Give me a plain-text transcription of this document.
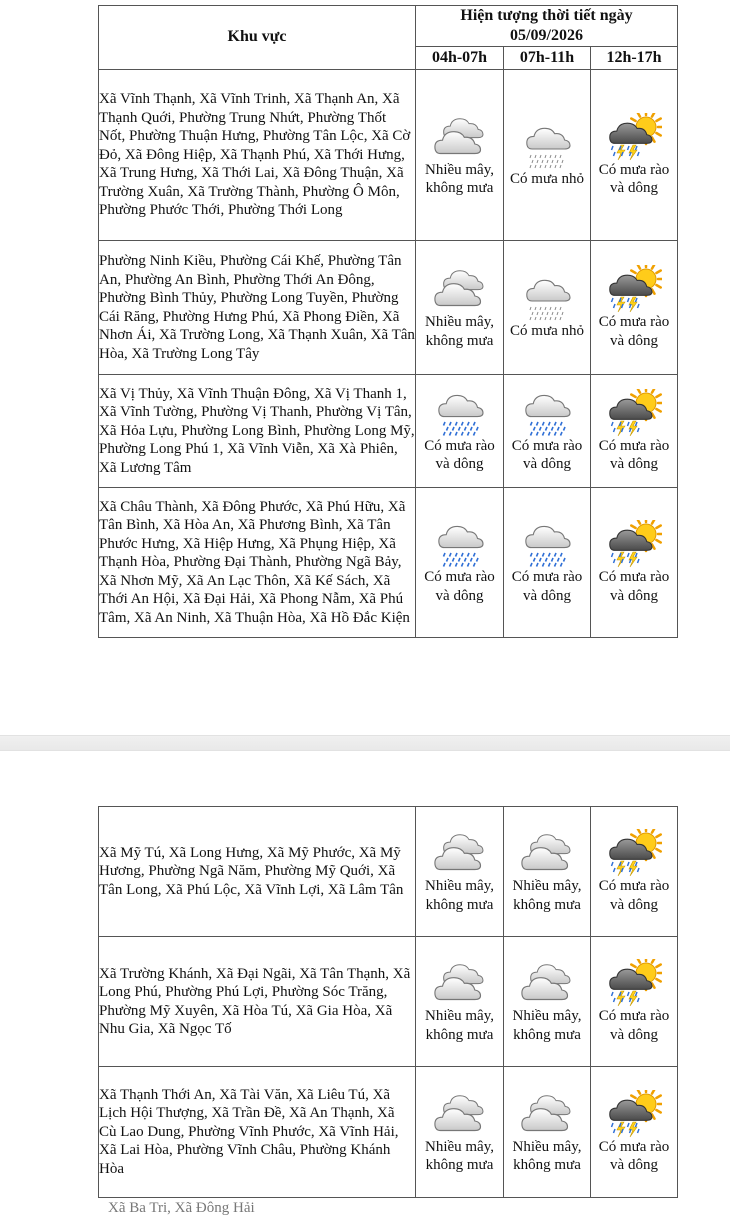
Khu vực	Hiện tượng thời tiết ngày
05/09/2026		
	04h-07h	07h-11h	12h-17h
Xã Vĩnh Thạnh, Xã Vĩnh Trinh, Xã Thạnh An, Xã Thạnh Quới, Phường Trung Nhứt, Phường Thốt Nốt, Phường Thuận Hưng, Phường Tân Lộc, Xã Cờ Đỏ, Xã Đông Hiệp, Xã Thạnh Phú, Xã Thới Hưng, Xã Trung Hưng, Xã Thới Lai, Xã Đông Thuận, Xã Trường Xuân, Xã Trường Thành, Phường Ô Môn, Phường Phước Thới, Phường Thới Long	Nhiều mây, không mưa	Có mưa nhỏ	Có mưa rào và dông

Phường Ninh Kiều, Phường Cái Khế, Phường Tân An, Phường An Bình, Phường Thới An Đông, Phường Bình Thủy, Phường Long Tuyền, Phường Cái Răng, Phường Hưng Phú, Xã Phong Điền, Xã Nhơn Ái, Xã Trường Long, Xã Thạnh Xuân, Xã Tân Hòa, Xã Trường Long Tây	Nhiều mây, không mưa	Có mưa nhỏ	Có mưa rào và dông

Xã Vị Thủy, Xã Vĩnh Thuận Đông, Xã Vị Thanh 1, Xã Vĩnh Tường, Phường Vị Thanh, Phường Vị Tân, Xã Hỏa Lựu, Phường Long Bình, Phường Long Mỹ, Phường Long Phú 1, Xã Vĩnh Viễn, Xã Xà Phiên, Xã Lương Tâm	Có mưa rào và dông	Có mưa rào và dông	Có mưa rào và dông

Xã Châu Thành, Xã Đông Phước, Xã Phú Hữu, Xã Tân Bình, Xã Hòa An, Xã Phương Bình, Xã Tân Phước Hưng, Xã Hiệp Hưng, Xã Phụng Hiệp, Xã Thạnh Hòa, Phường Đại Thành, Phường Ngã Bảy, Xã Nhơn Mỹ, Xã An Lạc Thôn, Xã Kế Sách, Xã Thới An Hội, Xã Đại Hải, Xã Phong Nẫm, Xã Phú Tâm, Xã An Ninh, Xã Thuận Hòa, Xã Hồ Đắc Kiện	Có mưa rào và dông	Có mưa rào và dông	Có mưa rào và dông
Xã Mỹ Tú, Xã Long Hưng, Xã Mỹ Phước, Xã Mỹ Hương, Phường Ngã Năm, Phường Mỹ Quới, Xã Tân Long, Xã Phú Lộc, Xã Vĩnh Lợi, Xã Lâm Tân	Nhiều mây, không mưa	Nhiều mây, không mưa	Có mưa rào và dông

Xã Trường Khánh, Xã Đại Ngãi, Xã Tân Thạnh, Xã Long Phú, Phường Phú Lợi, Phường Sóc Trăng, Phường Mỹ Xuyên, Xã Hòa Tú, Xã Gia Hòa, Xã Nhu Gia, Xã Ngọc Tố	Nhiều mây, không mưa	Nhiều mây, không mưa	Có mưa rào và dông

Xã Thạnh Thới An, Xã Tài Văn, Xã Liêu Tú, Xã Lịch Hội Thượng, Xã Trần Đề, Xã An Thạnh, Xã Cù Lao Dung, Phường Vĩnh Phước, Xã Vĩnh Hải, Xã Lai Hòa, Phường Vĩnh Châu, Phường Khánh Hòa	Nhiều mây, không mưa	Nhiều mây, không mưa	Có mưa rào và dông
Xã Ba Tri, Xã Đông Hải
